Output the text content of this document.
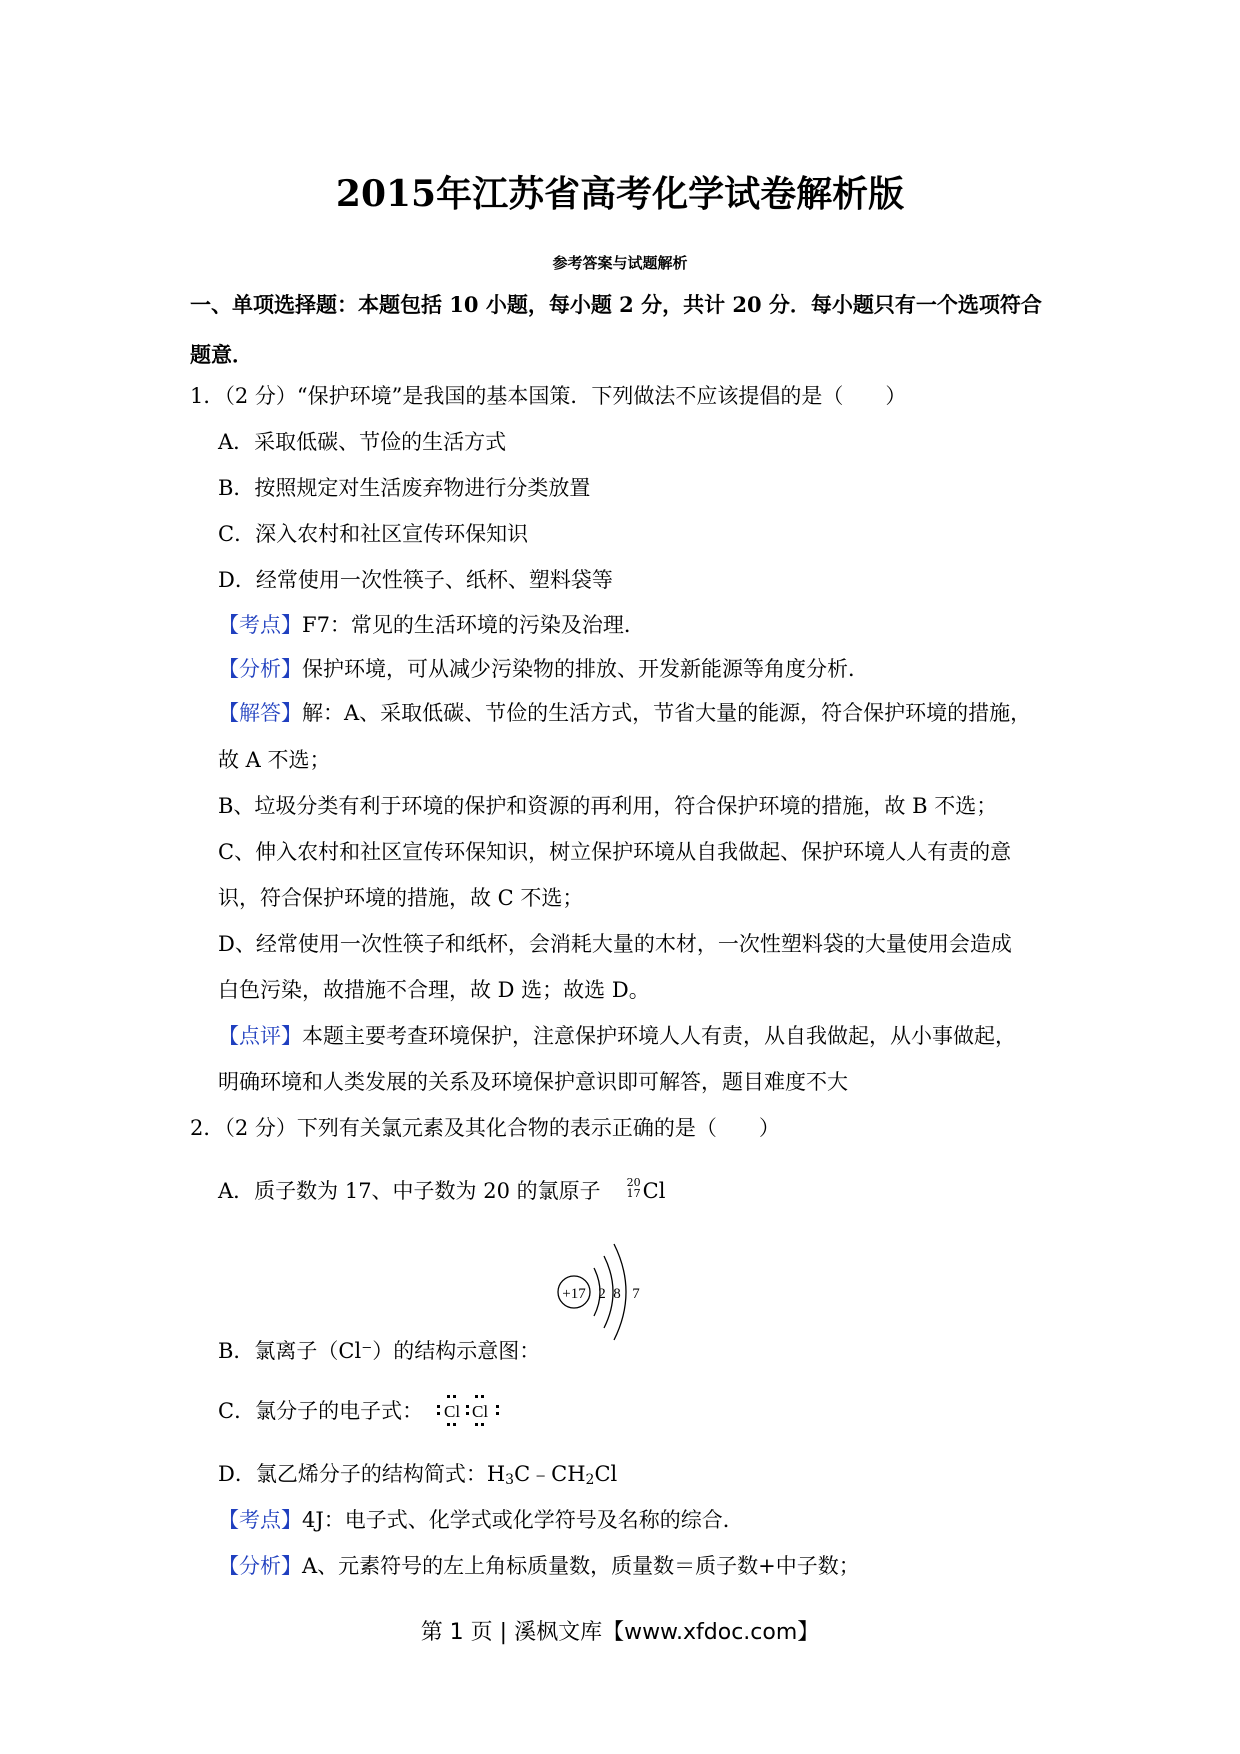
2015年江苏省高考化学试卷解析版
参考答案与试题解析
一、单项选择题：本题包括 10 小题，每小题 2 分，共计 20 分．每小题只有一个选项符合
题意．
1．（2 分）“保护环境”是我国的基本国策．下列做法不应该提倡的是（　　）
A．采取低碳、节俭的生活方式
B．按照规定对生活废弃物进行分类放置
C．深入农村和社区宣传环保知识
D．经常使用一次性筷子、纸杯、塑料袋等
【考点】F7：常见的生活环境的污染及治理．
【分析】保护环境，可从减少污染物的排放、开发新能源等角度分析．
【解答】解：A、采取低碳、节俭的生活方式，节省大量的能源，符合保护环境的措施，
故 A 不选；
B、垃圾分类有利于环境的保护和资源的再利用，符合保护环境的措施，故 B 不选；
C、伸入农村和社区宣传环保知识，树立保护环境从自我做起、保护环境人人有责的意
识，符合保护环境的措施，故 C 不选；
D、经常使用一次性筷子和纸杯，会消耗大量的木材，一次性塑料袋的大量使用会造成
白色污染，故措施不合理，故 D 选；故选 D。
【点评】本题主要考查环境保护，注意保护环境人人有责，从自我做起，从小事做起，
明确环境和人类发展的关系及环境保护意识即可解答，题目难度不大
2．（2 分）下列有关氯元素及其化合物的表示正确的是（　　）
A．质子数为 17、中子数为 20 的氯原子 20
17 Cl
+17 2 8 7
B．氯离子（Cl⁻）的结构示意图：
C．氯分子的电子式： Cl Cl
D．氯乙烯分子的结构简式：$H_3C﹣CH_2Cl$
【考点】4J：电子式、化学式或化学符号及名称的综合．
【分析】A、元素符号的左上角标质量数，质量数＝质子数+中子数；
第 1 页 | 溪枫文库【www.xfdoc.com】
